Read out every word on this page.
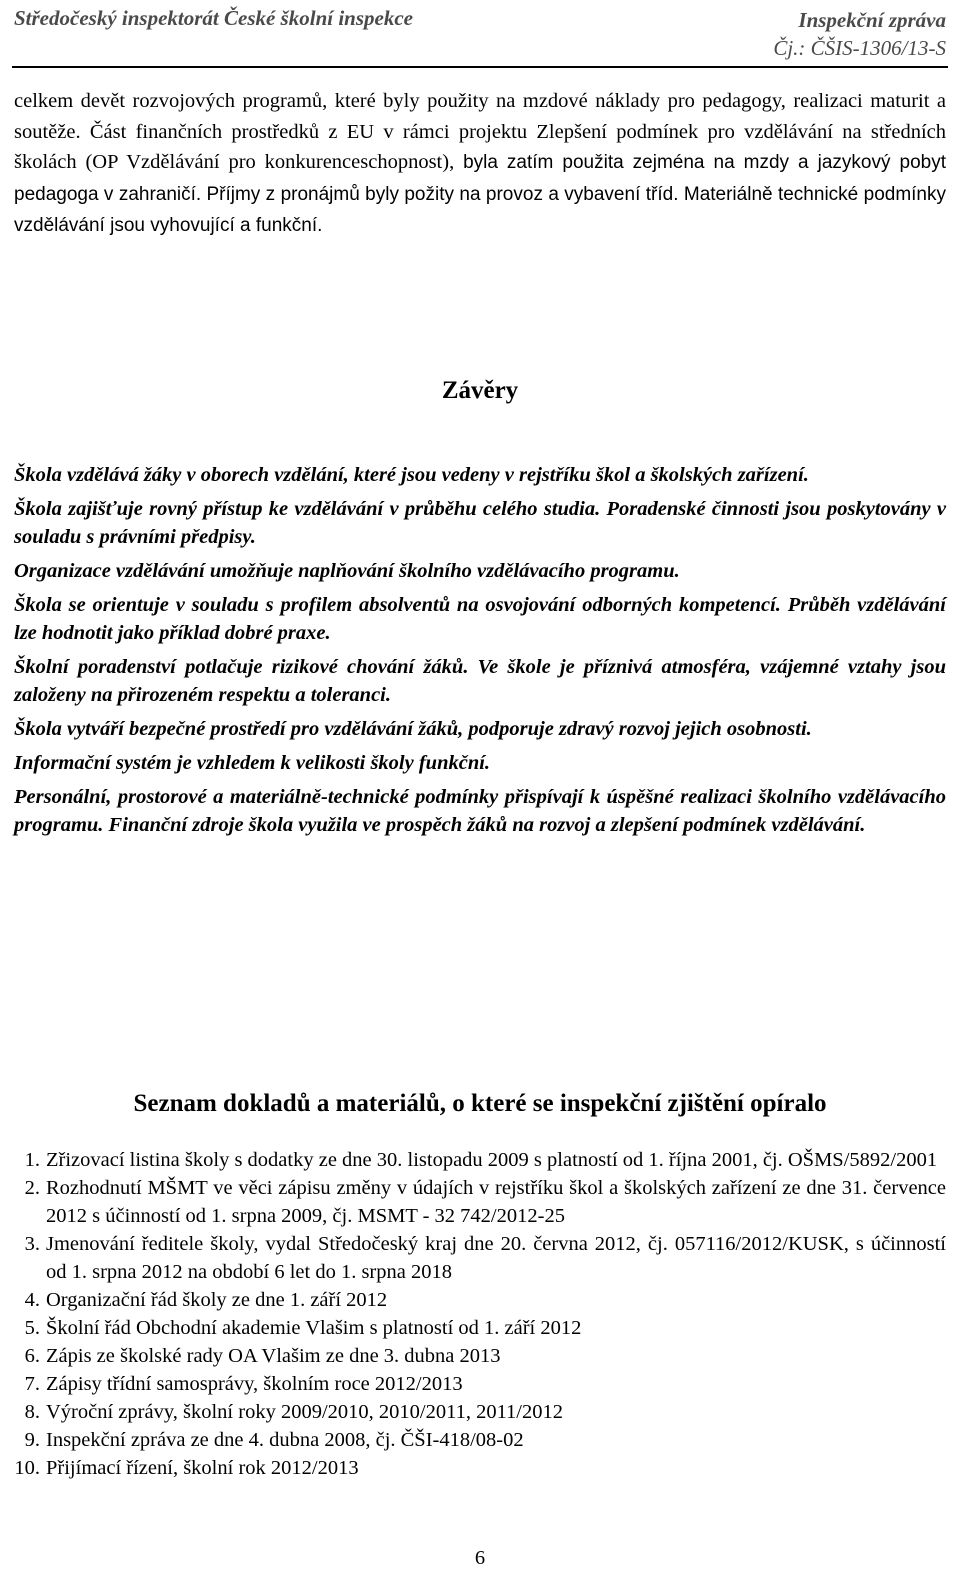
Středočeský inspektorát České školní inspekce	Inspekční zpráva
Čj.: ČŠIS-1306/13-S
celkem devět rozvojových programů, které byly použity na mzdové náklady pro pedagogy, realizaci maturit a soutěže. Část finančních prostředků z EU v rámci projektu Zlepšení podmínek pro vzdělávání na středních školách (OP Vzdělávání pro konkurenceschopnost), byla zatím použita zejména na mzdy a jazykový pobyt pedagoga v zahraničí. Příjmy z pronájmů byly požity na provoz a vybavení tříd. Materiálně technické podmínky vzdělávání jsou vyhovující a funkční.
Závěry

Škola vzdělává žáky v oborech vzdělání, které jsou vedeny v rejstříku škol a školských zařízení.

Škola zajišťuje rovný přístup ke vzdělávání v průběhu celého studia. Poradenské činnosti jsou poskytovány v souladu s právními předpisy.

Organizace vzdělávání umožňuje naplňování školního vzdělávacího programu.

Škola se orientuje v souladu s profilem absolventů na osvojování odborných kompetencí. Průběh vzdělávání lze hodnotit jako příklad dobré praxe.

Školní poradenství potlačuje rizikové chování žáků. Ve škole je příznivá atmosféra, vzájemné vztahy jsou založeny na přirozeném respektu a toleranci.

Škola vytváří bezpečné prostředí pro vzdělávání žáků, podporuje zdravý rozvoj jejich osobnosti.

Informační systém je vzhledem k velikosti školy funkční.

Personální, prostorové a materiálně-technické podmínky přispívají k úspěšné realizaci školního vzdělávacího programu. Finanční zdroje škola využila ve prospěch žáků na rozvoj a zlepšení podmínek vzdělávání.

Seznam dokladů a materiálů, o které se inspekční zjištění opíralo
1. Zřizovací listina školy s dodatky ze dne 30. listopadu 2009 s platností od 1. října 2001, čj. OŠMS/5892/2001
2. Rozhodnutí MŠMT ve věci zápisu změny v údajích v rejstříku škol a školských zařízení ze dne 31. července 2012 s účinností od 1. srpna 2009, čj. MSMT - 32 742/2012-25
3. Jmenování ředitele školy, vydal Středočeský kraj dne 20. června 2012, čj. 057116/2012/KUSK, s účinností od 1. srpna 2012 na období 6 let do 1. srpna 2018
4. Organizační řád školy ze dne 1. září 2012
5. Školní řád Obchodní akademie Vlašim s platností od 1. září 2012
6. Zápis ze školské rady OA Vlašim ze dne 3. dubna 2013
7. Zápisy třídní samosprávy, školním roce 2012/2013
8. Výroční zprávy, školní roky 2009/2010, 2010/2011, 2011/2012
9. Inspekční zpráva ze dne 4. dubna 2008, čj. ČŠI-418/08-02
10. Přijímací řízení, školní rok 2012/2013
6
